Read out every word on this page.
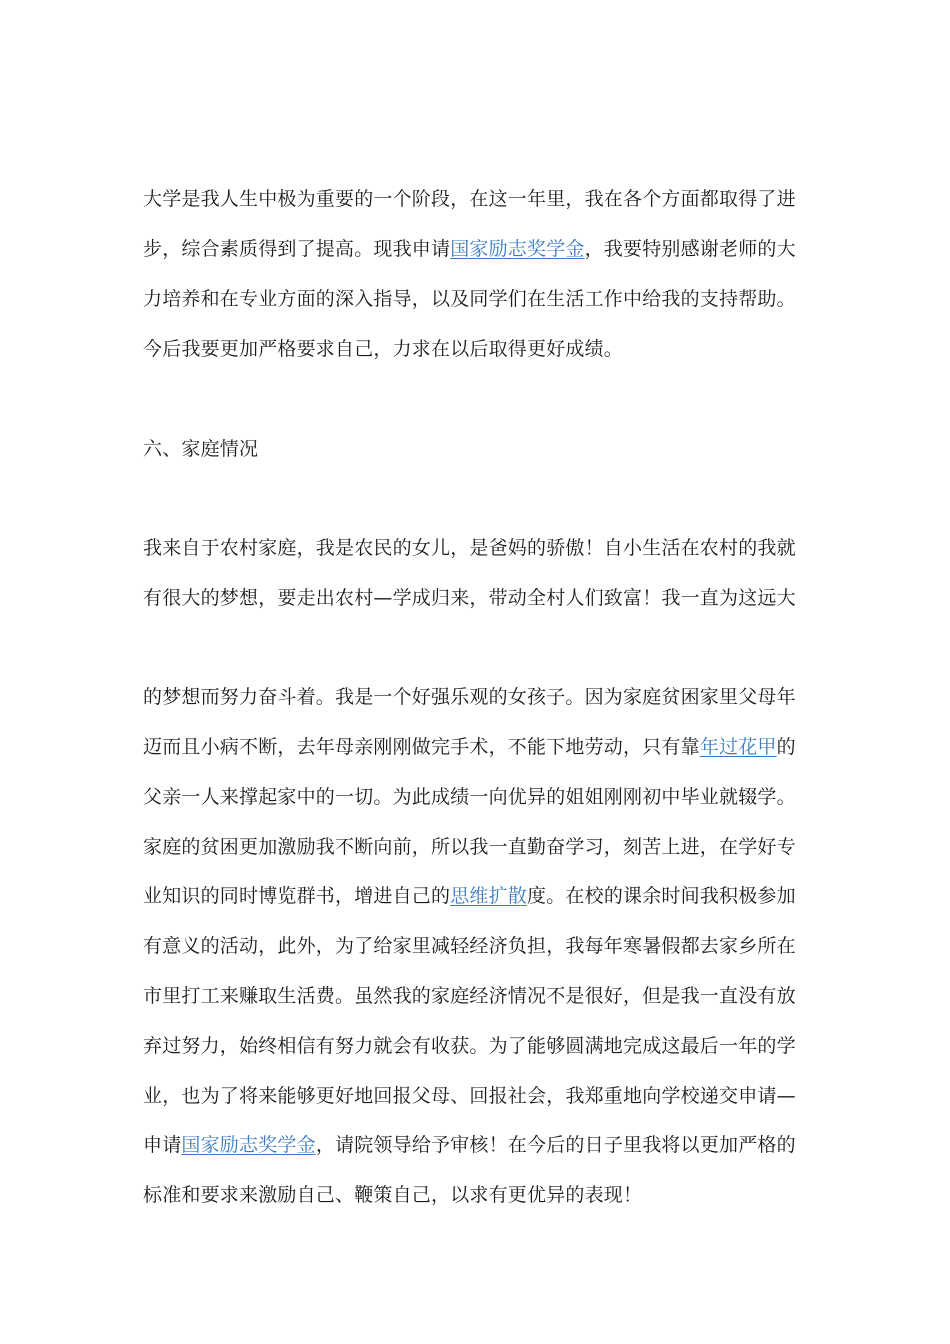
大学是我人生中极为重要的一个阶段，在这一年里，我在各个方面都取得了进
步，综合素质得到了提高。现我申请国家励志奖学金，我要特别感谢老师的大
力培养和在专业方面的深入指导，以及同学们在生活工作中给我的支持帮助。
今后我要更加严格要求自己，力求在以后取得更好成绩。
六、家庭情况
我来自于农村家庭，我是农民的女儿，是爸妈的骄傲！自小生活在农村的我就
有很大的梦想，要走出农村—学成归来，带动全村人们致富！我一直为这远大
的梦想而努力奋斗着。我是一个好强乐观的女孩子。因为家庭贫困家里父母年
迈而且小病不断，去年母亲刚刚做完手术，不能下地劳动，只有靠年过花甲的
父亲一人来撑起家中的一切。为此成绩一向优异的姐姐刚刚初中毕业就辍学。
家庭的贫困更加激励我不断向前，所以我一直勤奋学习，刻苦上进，在学好专
业知识的同时博览群书，增进自己的思维扩散度。在校的课余时间我积极参加
有意义的活动，此外，为了给家里减轻经济负担，我每年寒暑假都去家乡所在
市里打工来赚取生活费。虽然我的家庭经济情况不是很好，但是我一直没有放
弃过努力，始终相信有努力就会有收获。为了能够圆满地完成这最后一年的学
业，也为了将来能够更好地回报父母、回报社会，我郑重地向学校递交申请—
申请国家励志奖学金，请院领导给予审核！在今后的日子里我将以更加严格的
标准和要求来激励自己、鞭策自己，以求有更优异的表现！
